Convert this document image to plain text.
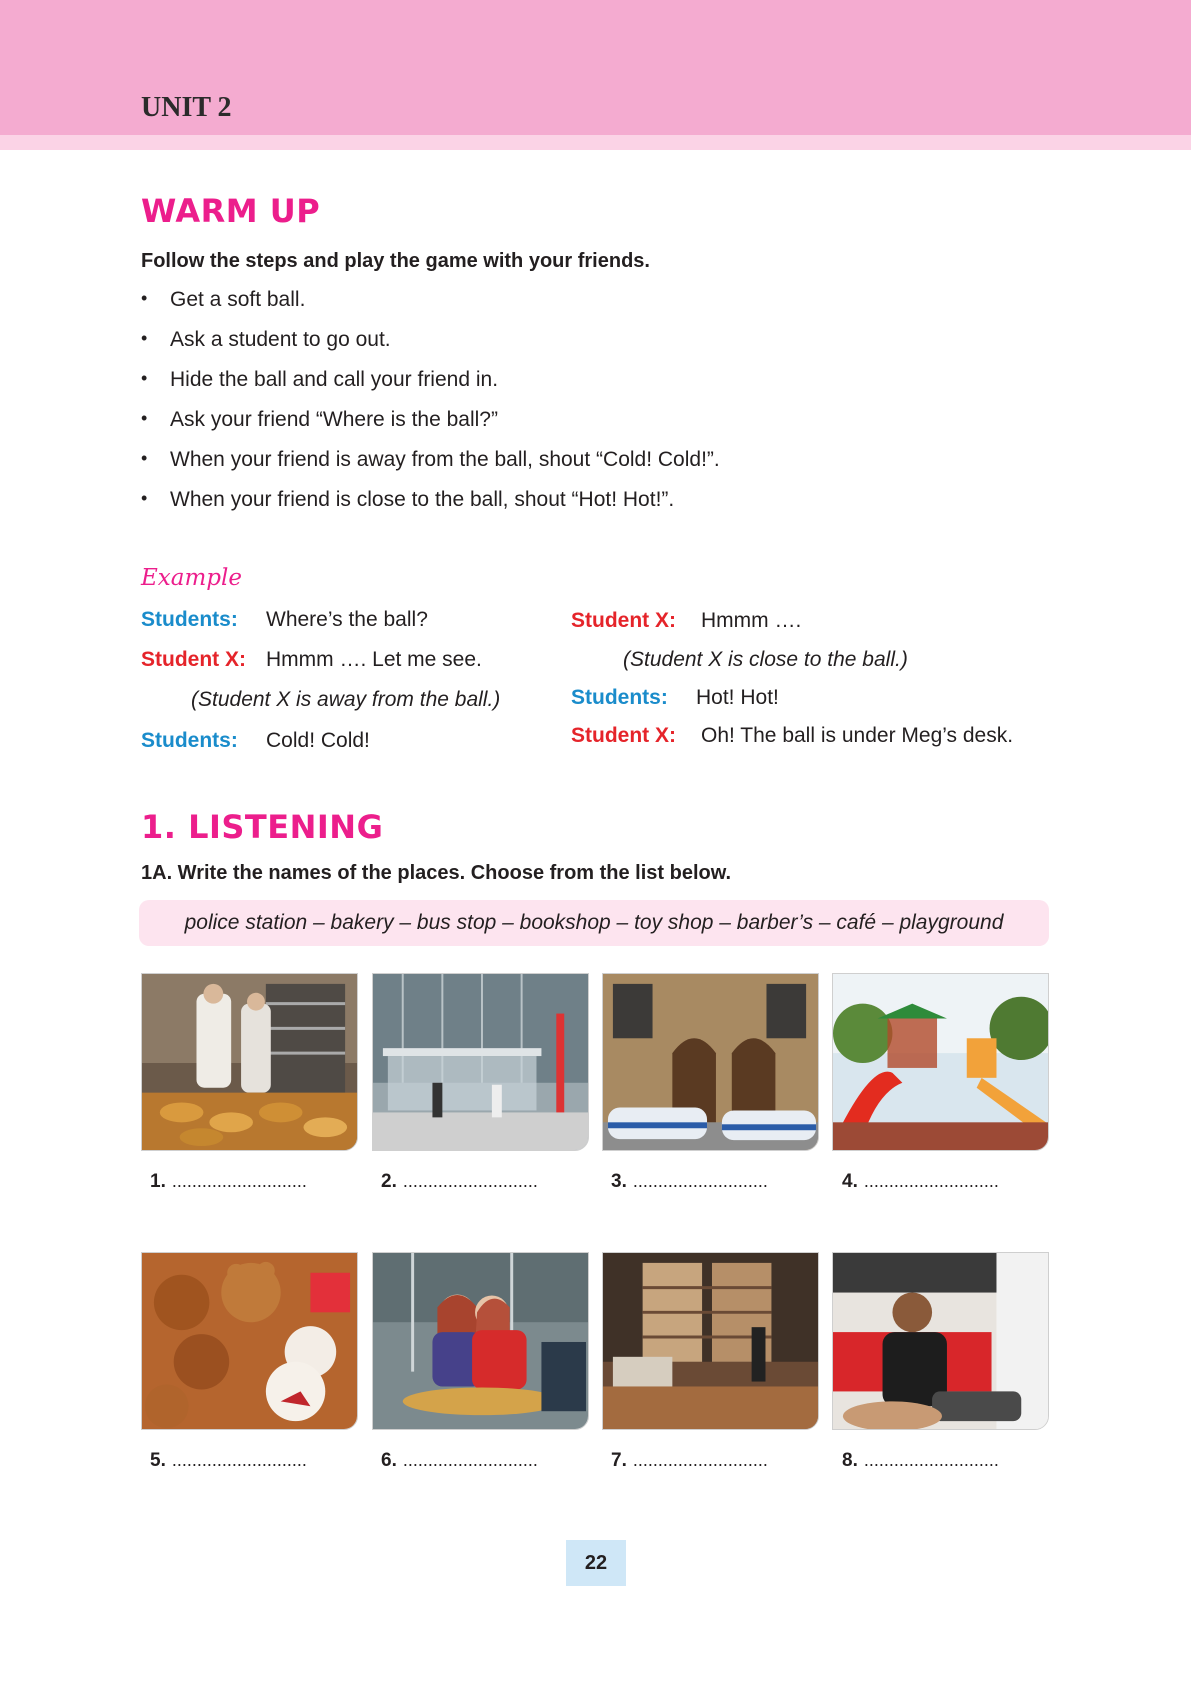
UNIT 2
WARM UP
Follow the steps and play the game with your friends.
• Get a soft ball.
• Ask a student to go out.
• Hide the ball and call your friend in.
• Ask your friend “Where is the ball?”
• When your friend is away from the ball, shout “Cold! Cold!”.
• When your friend is close to the ball, shout “Hot! Hot!”.
Example
Students: Where’s the ball?
Student X: Hmmm …. Let me see.
(Student X is away from the ball.)
Students: Cold! Cold!
Student X: Hmmm ….
(Student X is close to the ball.)
Students: Hot! Hot!
Student X: Oh! The ball is under Meg’s desk.
1. LISTENING
1A. Write the names of the places. Choose from the list below.
police station – bakery – bus stop – bookshop – toy shop – barber’s – café – playground
1. ...........................	2. ...........................	3. ...........................	4. ...........................
5. ...........................	6. ...........................	7. ...........................	8. ...........................
22
